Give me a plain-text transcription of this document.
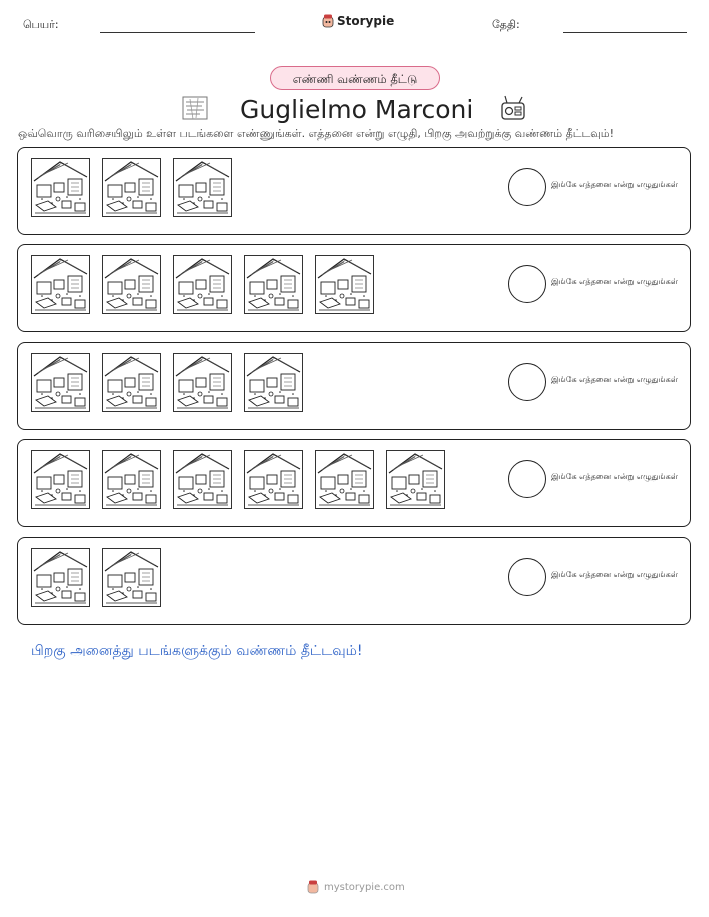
பெயர்:	Storypie	தேதி:
எண்ணி வண்ணம் தீட்டு
Guglielmo Marconi
ஒவ்வொரு வரிசையிலும் உள்ள படங்களை எண்ணுங்கள். எத்தனை என்று எழுதி, பிறகு அவற்றுக்கு வண்ணம் தீட்டவும்!
இங்கே எத்தனை என்று எழுதுங்கள்
இங்கே எத்தனை என்று எழுதுங்கள்
இங்கே எத்தனை என்று எழுதுங்கள்
இங்கே எத்தனை என்று எழுதுங்கள்
இங்கே எத்தனை என்று எழுதுங்கள்
பிறகு அனைத்து படங்களுக்கும் வண்ணம் தீட்டவும்!
mystorypie.com
